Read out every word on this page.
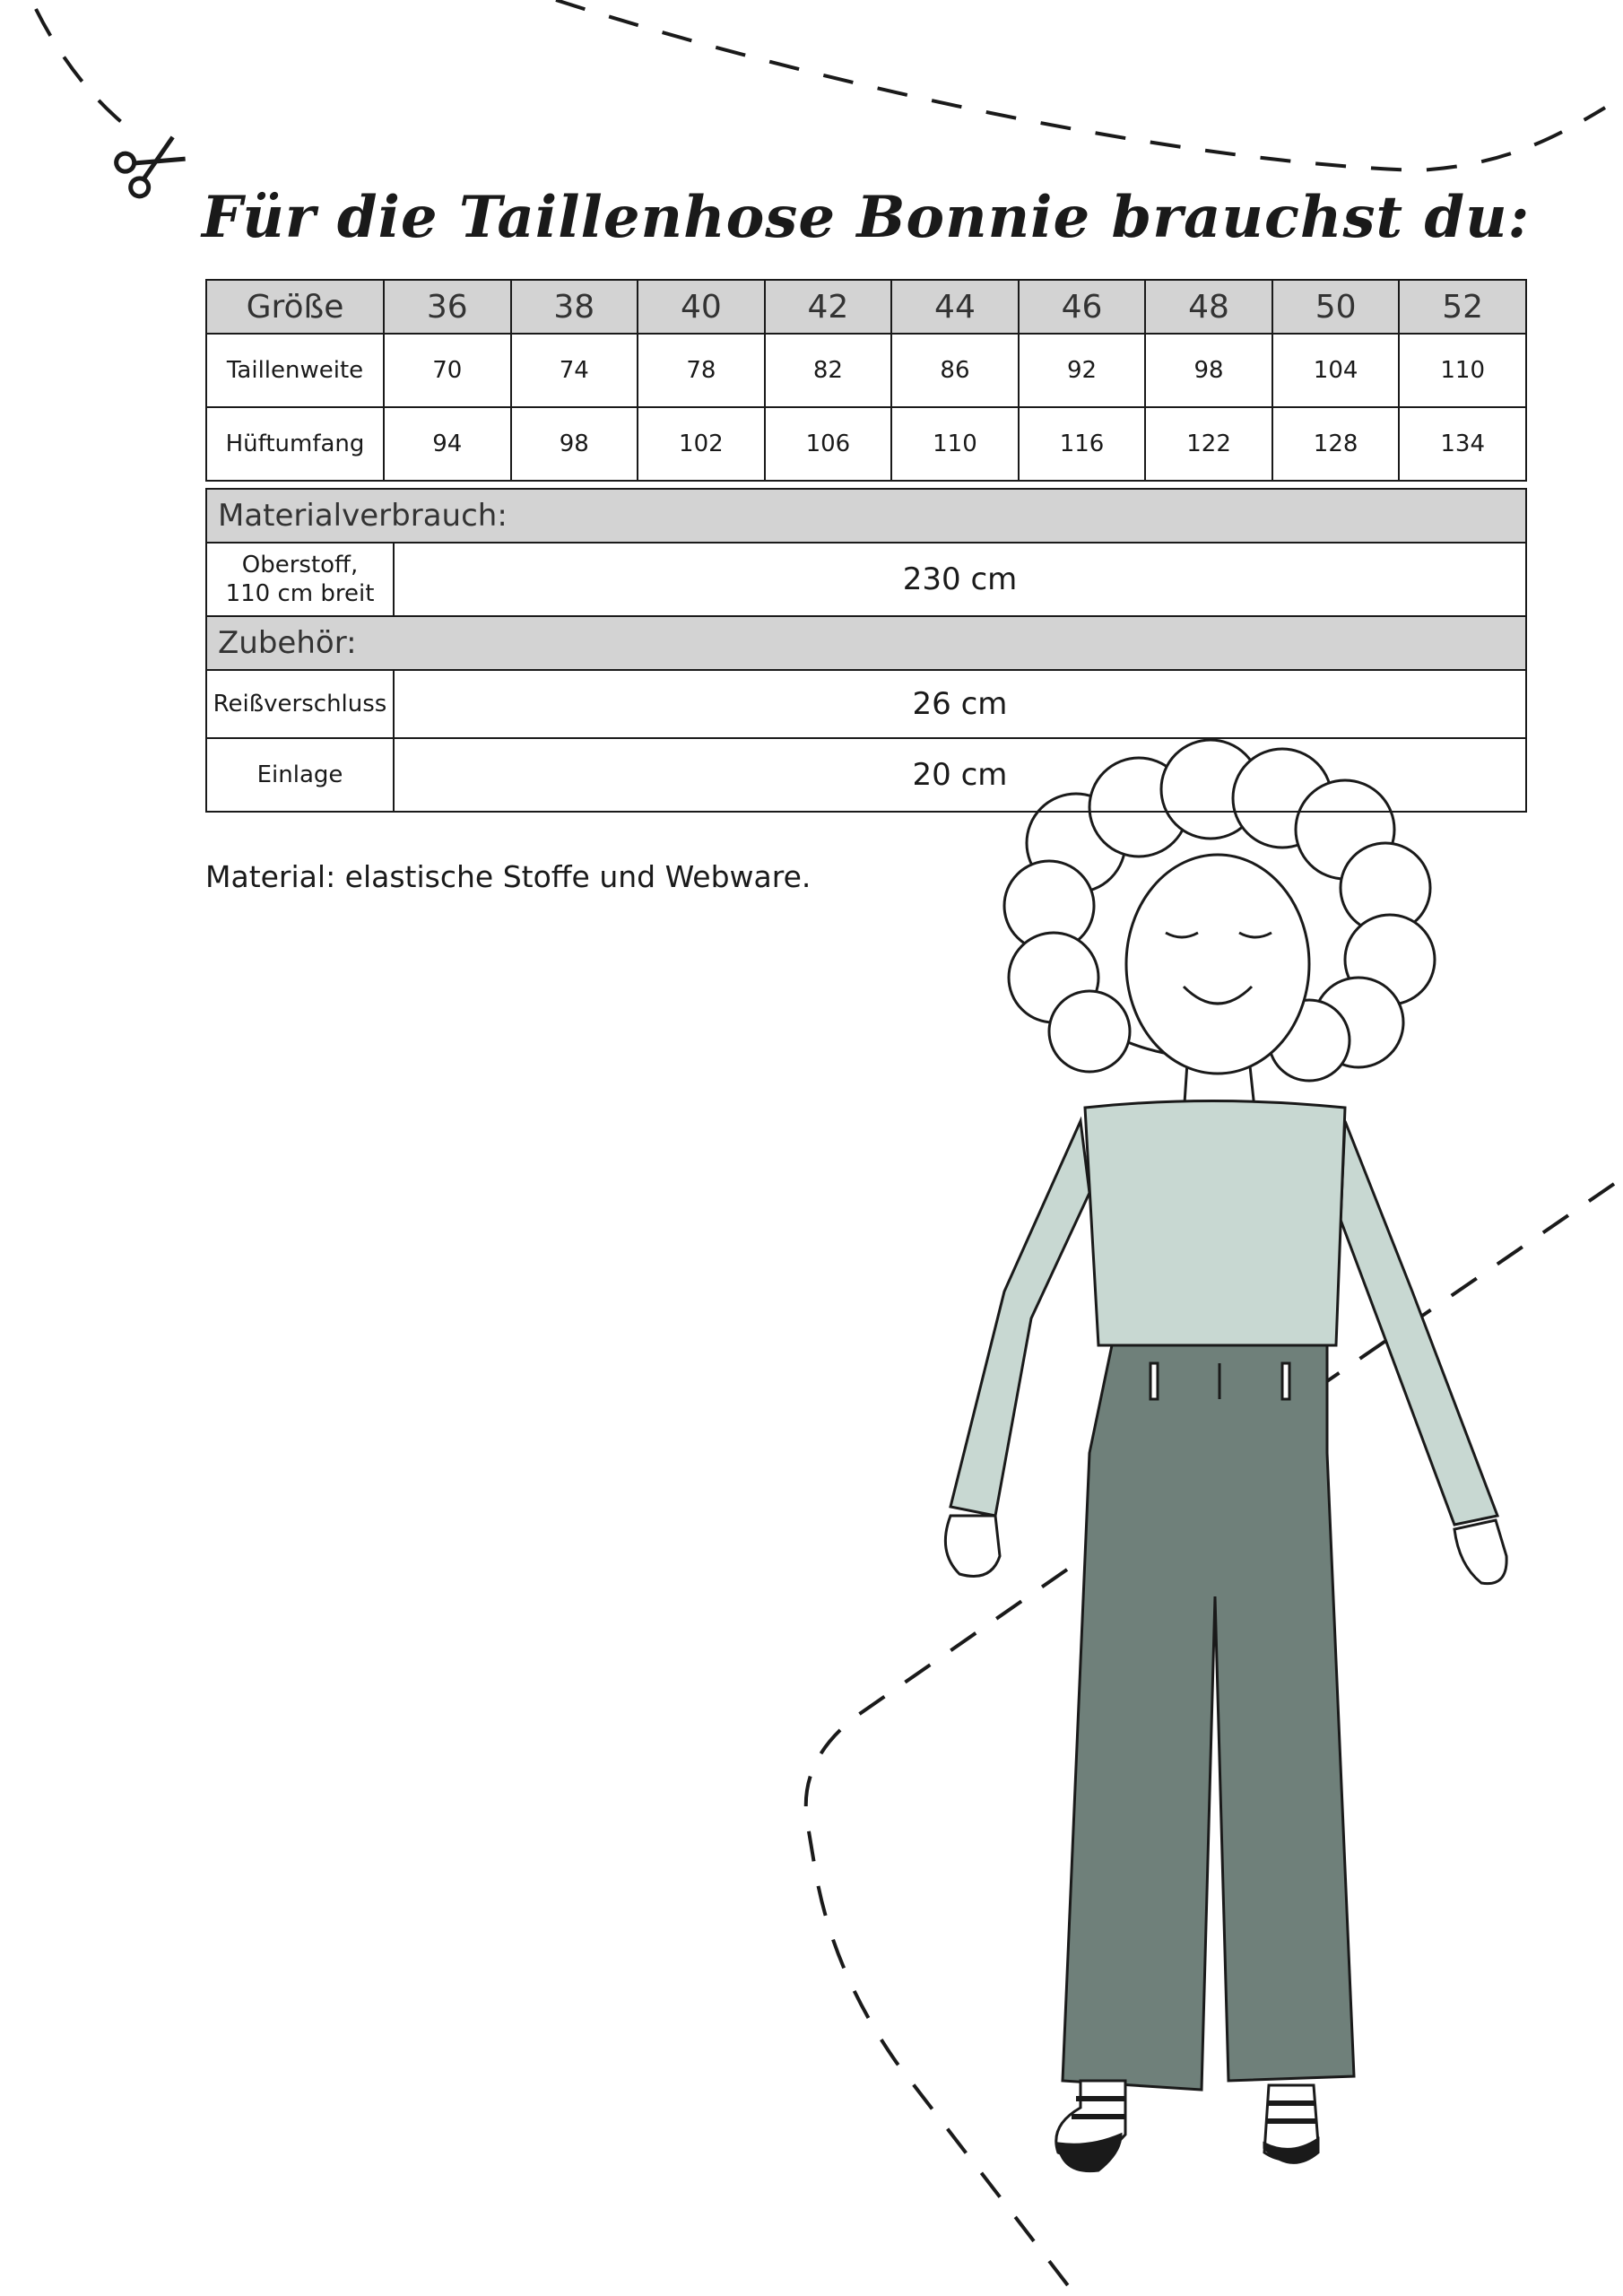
Für die Taillenhose Bonnie brauchst du:
Größe	36	38	40	42	44	46	48	50	52
Taillenweite	70	74	78	82	86	92	98	104	110
Hüftumfang	94	98	102	106	110	116	122	128	134
Materialverbrauch:	
Oberstoff,
110 cm breit	230 cm
Zubehör:	
Reißverschluss	26 cm
Einlage	20 cm
Material: elastische Stoffe und Webware.
